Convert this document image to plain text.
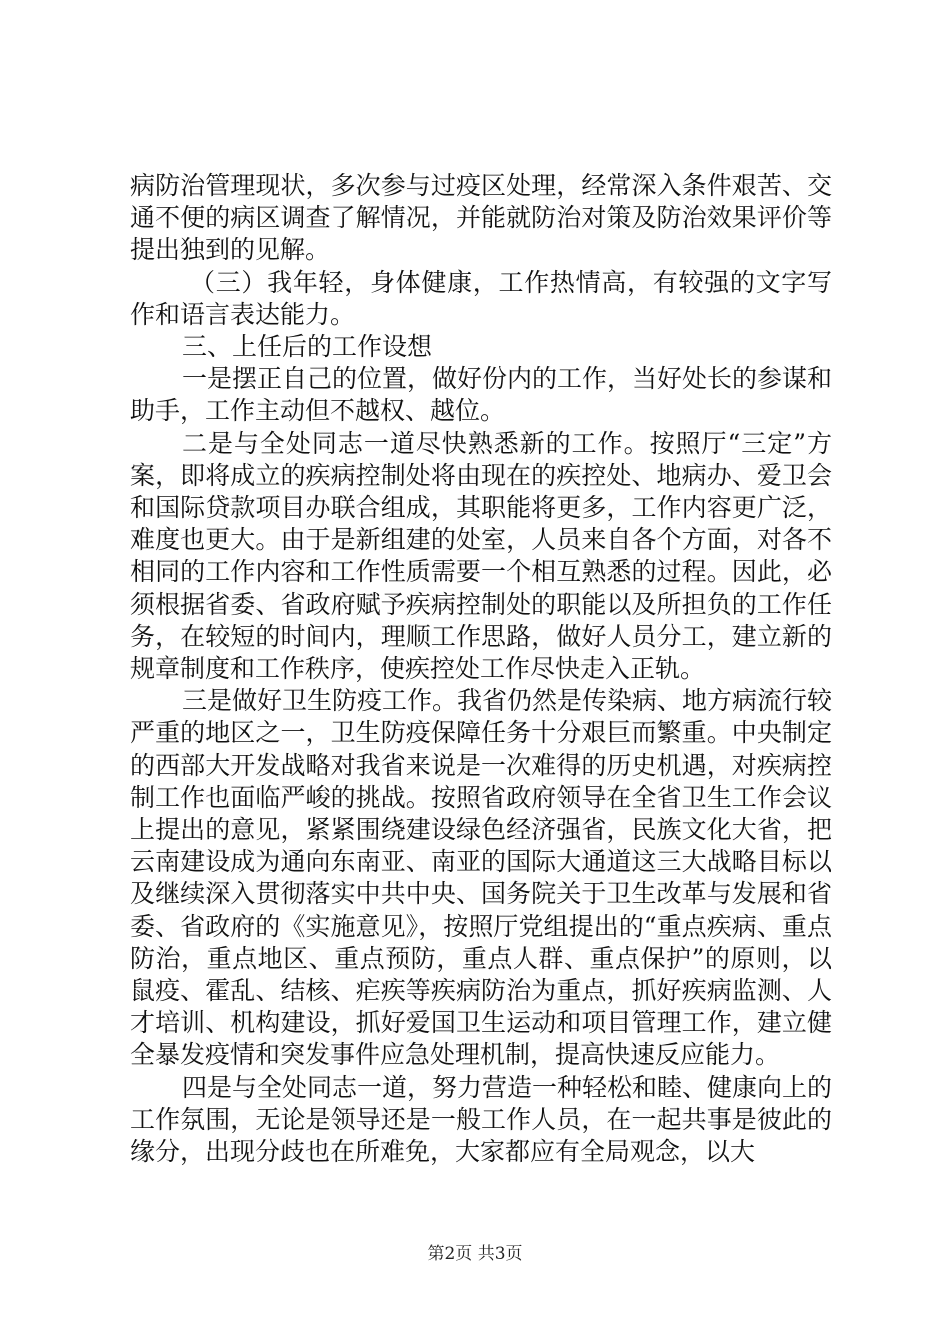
病防治管理现状，多次参与过疫区处理，经常深入条件艰苦、交通不便的病区调查了解情况，并能就防治对策及防治效果评价等提出独到的见解。

（三）我年轻，身体健康，工作热情高，有较强的文字写作和语言表达能力。

三、上任后的工作设想

一是摆正自己的位置，做好份内的工作，当好处长的参谋和助手，工作主动但不越权、越位。

二是与全处同志一道尽快熟悉新的工作。按照厅“三定”方案，即将成立的疾病控制处将由现在的疾控处、地病办、爱卫会和国际贷款项目办联合组成，其职能将更多，工作内容更广泛，难度也更大。由于是新组建的处室，人员来自各个方面，对各不相同的工作内容和工作性质需要一个相互熟悉的过程。因此，必须根据省委、省政府赋予疾病控制处的职能以及所担负的工作任务，在较短的时间内，理顺工作思路，做好人员分工，建立新的规章制度和工作秩序，使疾控处工作尽快走入正轨。

三是做好卫生防疫工作。我省仍然是传染病、地方病流行较严重的地区之一，卫生防疫保障任务十分艰巨而繁重。中央制定的西部大开发战略对我省来说是一次难得的历史机遇，对疾病控制工作也面临严峻的挑战。按照省政府领导在全省卫生工作会议上提出的意见，紧紧围绕建设绿色经济强省，民族文化大省，把云南建设成为通向东南亚、南亚的国际大通道这三大战略目标以及继续深入贯彻落实中共中央、国务院关于卫生改革与发展和省委、省政府的《实施意见》，按照厅党组提出的“重点疾病、重点防治，重点地区、重点预防，重点人群、重点保护”的原则，以鼠疫、霍乱、结核、疟疾等疾病防治为重点，抓好疾病监测、人才培训、机构建设，抓好爱国卫生运动和项目管理工作，建立健全暴发疫情和突发事件应急处理机制，提高快速反应能力。

四是与全处同志一道，努力营造一种轻松和睦、健康向上的工作氛围，无论是领导还是一般工作人员，在一起共事是彼此的缘分，出现分歧也在所难免，大家都应有全局观念，以大

第2页 共3页
